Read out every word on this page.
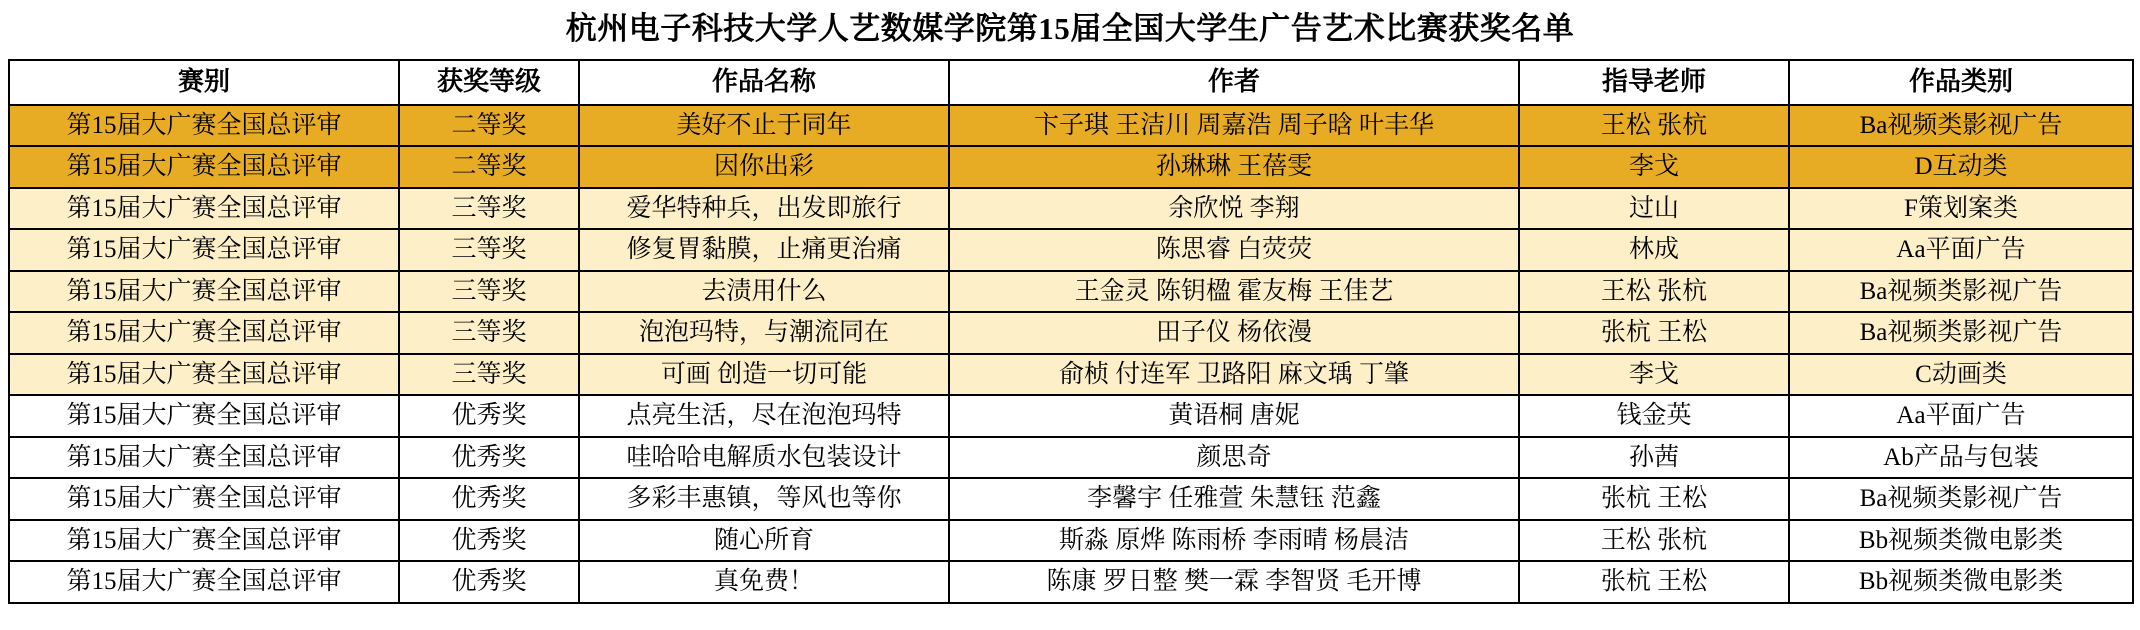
杭州电子科技大学人艺数媒学院第15届全国大学生广告艺术比赛获奖名单
赛别	获奖等级	作品名称	作者	指导老师	作品类别
第15届大广赛全国总评审	二等奖	美好不止于同年	卞子琪 王洁川 周嘉浩 周子晗 叶丰华	王松 张杭	Ba视频类影视广告
第15届大广赛全国总评审	二等奖	因你出彩	孙琳琳 王蓓雯	李戈	D互动类
第15届大广赛全国总评审	三等奖	爱华特种兵，出发即旅行	余欣悦 李翔	过山	F策划案类
第15届大广赛全国总评审	三等奖	修复胃黏膜，止痛更治痛	陈思睿 白荧荧	林成	Aa平面广告
第15届大广赛全国总评审	三等奖	去渍用什么	王金灵 陈钥楹 霍友梅 王佳艺	王松 张杭	Ba视频类影视广告
第15届大广赛全国总评审	三等奖	泡泡玛特，与潮流同在	田子仪 杨依漫	张杭 王松	Ba视频类影视广告
第15届大广赛全国总评审	三等奖	可画 创造一切可能	俞桢 付连军 卫路阳 麻文瑀 丁肇	李戈	C动画类
第15届大广赛全国总评审	优秀奖	点亮生活，尽在泡泡玛特	黄语桐 唐妮	钱金英	Aa平面广告
第15届大广赛全国总评审	优秀奖	哇哈哈电解质水包装设计	颜思奇	孙茜	Ab产品与包装
第15届大广赛全国总评审	优秀奖	多彩丰惠镇，等风也等你	李馨宇 任雅萱 朱慧钰 范鑫	张杭 王松	Ba视频类影视广告
第15届大广赛全国总评审	优秀奖	随心所育	斯淼 原烨 陈雨桥 李雨晴 杨晨洁	王松 张杭	Bb视频类微电影类
第15届大广赛全国总评审	优秀奖	真免费！	陈康 罗日整 樊一霖 李智贤 毛开博	张杭 王松	Bb视频类微电影类
